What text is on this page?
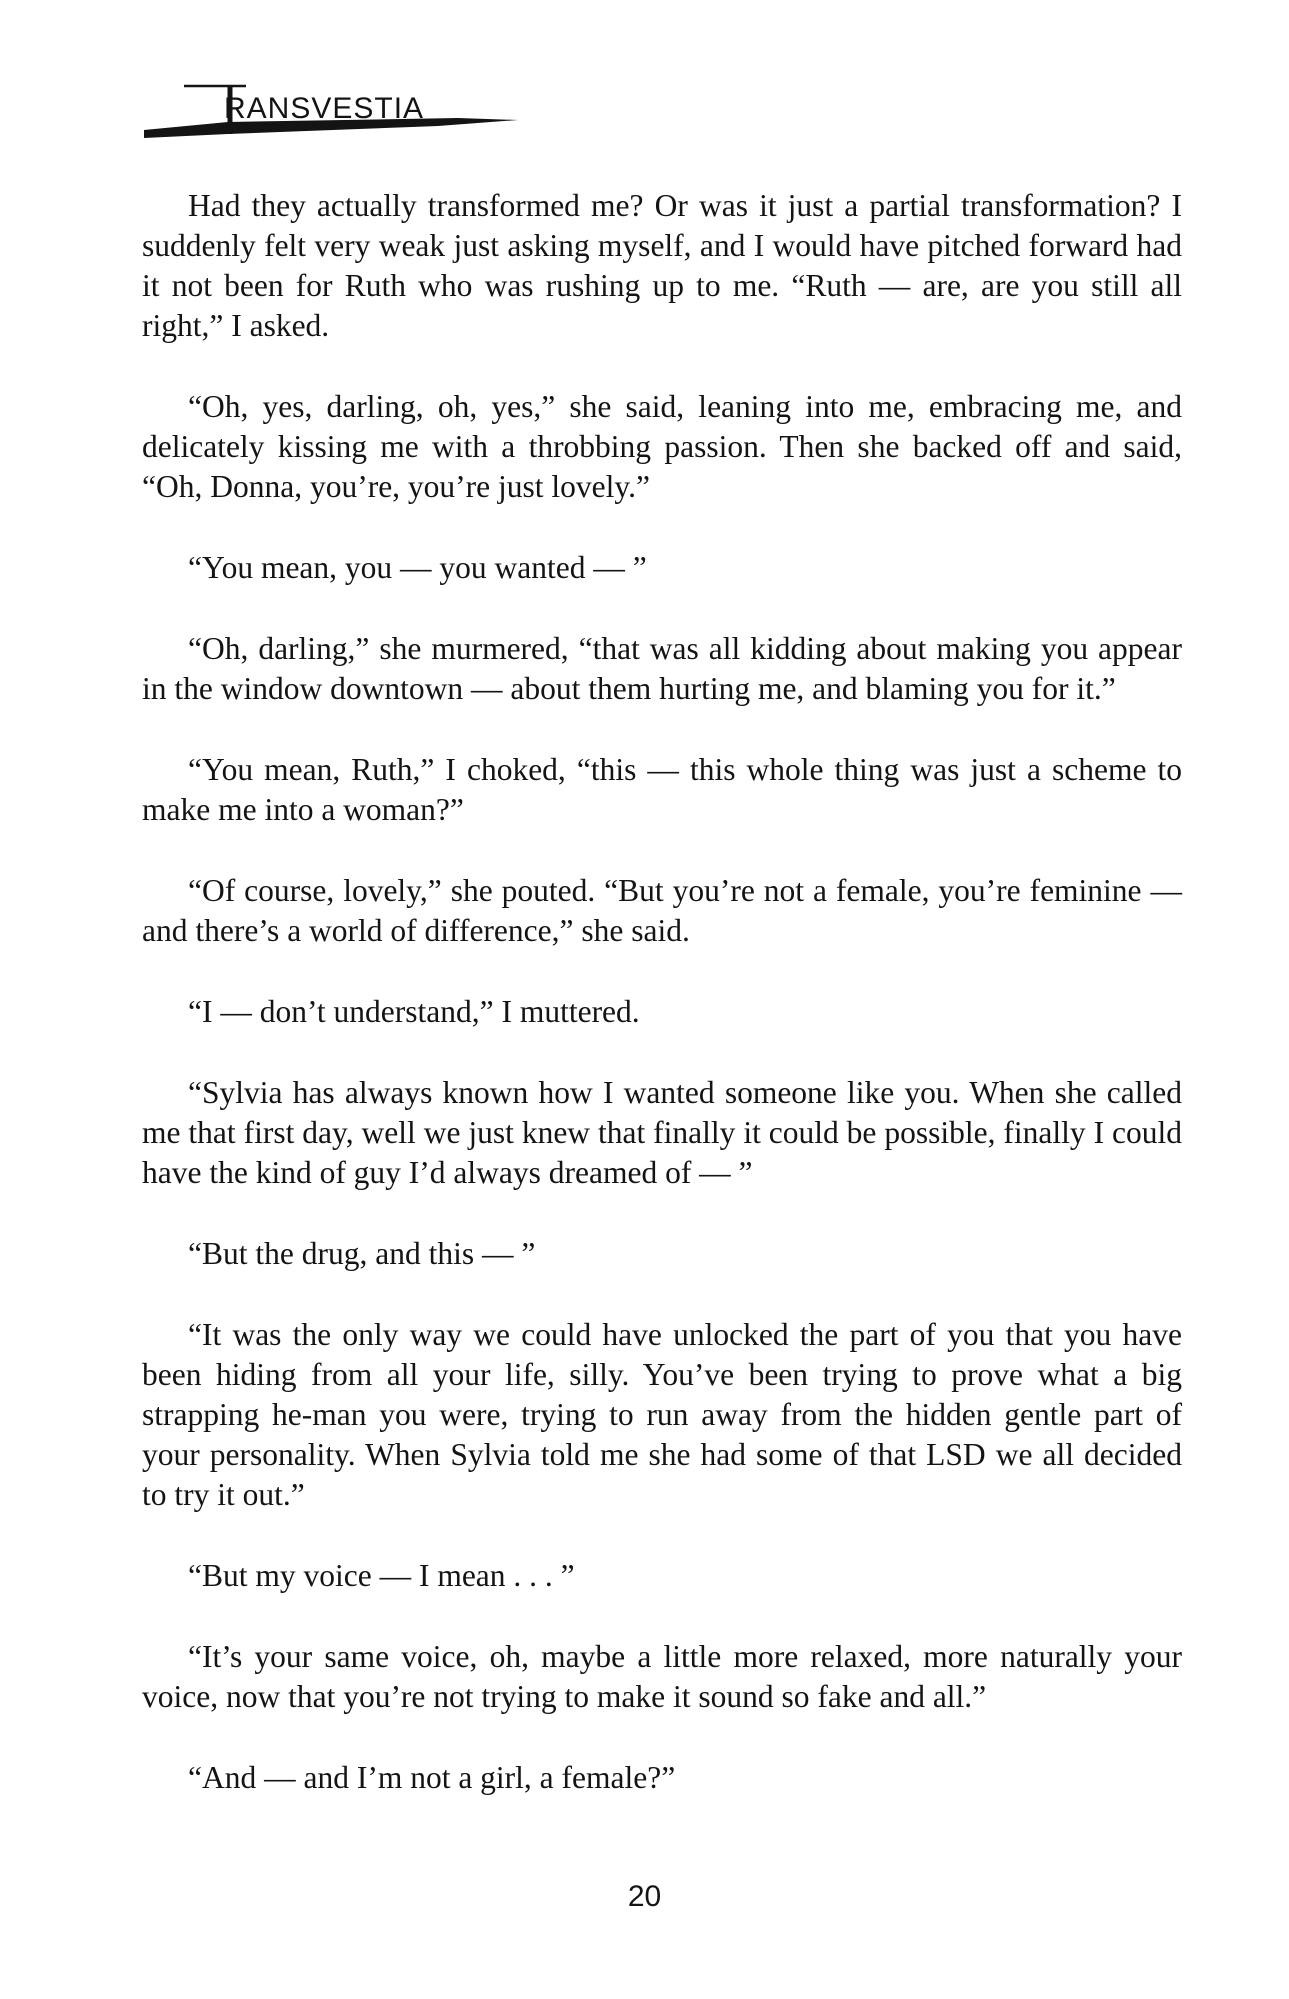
RANSVESTIA

Had they actually transformed me? Or was it just a partial transformation? I suddenly felt very weak just asking myself, and I would have pitched forward had it not been for Ruth who was rushing up to me. “Ruth — are, are you still all right,” I asked.

“Oh, yes, darling, oh, yes,” she said, leaning into me, embracing me, and delicately kissing me with a throbbing passion. Then she backed off and said, “Oh, Donna, you’re, you’re just lovely.”

“You mean, you — you wanted — ”

“Oh, darling,” she murmered, “that was all kidding about making you appear in the window downtown — about them hurting me, and blaming you for it.”

“You mean, Ruth,” I choked, “this — this whole thing was just a scheme to make me into a woman?”

“Of course, lovely,” she pouted. “But you’re not a female, you’re feminine — and there’s a world of difference,” she said.

“I — don’t understand,” I muttered.

“Sylvia has always known how I wanted someone like you. When she called me that first day, well we just knew that finally it could be possible, finally I could have the kind of guy I’d always dreamed of — ”

“But the drug, and this — ”

“It was the only way we could have unlocked the part of you that you have been hiding from all your life, silly. You’ve been trying to prove what a big strapping he-man you were, trying to run away from the hidden gentle part of your personality. When Sylvia told me she had some of that LSD we all decided to try it out.”

“But my voice — I mean . . . ”

“It’s your same voice, oh, maybe a little more relaxed, more naturally your voice, now that you’re not trying to make it sound so fake and all.”

“And — and I’m not a girl, a female?”

20
